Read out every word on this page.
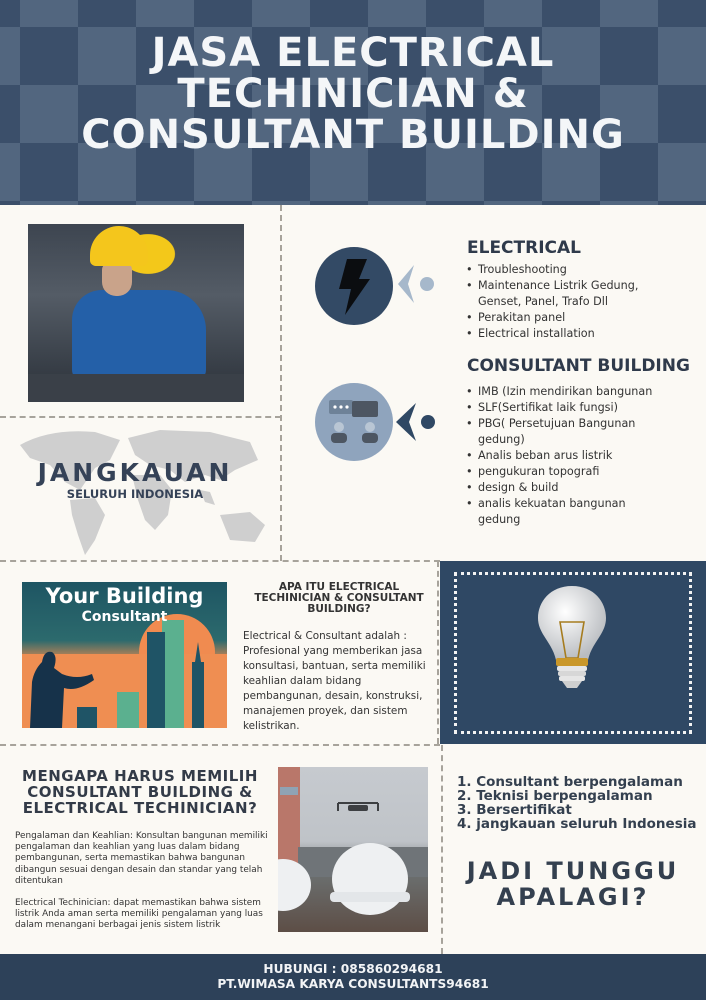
JASA ELECTRICAL
TECHINICIAN &
CONSULTANT BUILDING
JANGKAUAN
SELURUH INDONESIA
ELECTRICAL
• Troubleshooting
• Maintenance Listrik Gedung, Genset, Panel, Trafo Dll
• Perakitan panel
• Electrical installation
CONSULTANT BUILDING
• IMB (Izin mendirikan bangunan
• SLF(Sertifikat laik fungsi)
• PBG( Persetujuan Bangunan gedung)
• Analis beban arus listrik
• pengukuran topografi
• design & build
• analis kekuatan bangunan gedung
Your Building
Consultant
APA ITU ELECTRICAL TECHINICIAN & CONSULTANT BUILDING?
Electrical & Consultant adalah : Profesional yang memberikan jasa konsultasi, bantuan, serta memiliki keahlian dalam bidang pembangunan, desain, konstruksi, manajemen proyek, dan sistem kelistrikan.
MENGAPA HARUS MEMILIH CONSULTANT BUILDING & ELECTRICAL TECHINICIAN?

Pengalaman dan Keahlian: Konsultan bangunan memiliki pengalaman dan keahlian yang luas dalam bidang pembangunan, serta memastikan bahwa bangunan dibangun sesuai dengan desain dan standar yang telah ditentukan

Electrical Techinician: dapat memastikan bahwa sistem listrik Anda aman serta memiliki pengalaman yang luas dalam menangani berbagai jenis sistem listrik

1. Consultant berpengalaman
2. Teknisi berpengalaman
3. Bersertifikat
4. jangkauan seluruh Indonesia
JADI TUNGGU
APALAGI?
HUBUNGI : 085860294681
PT.WIMASA KARYA CONSULTANTS94681
